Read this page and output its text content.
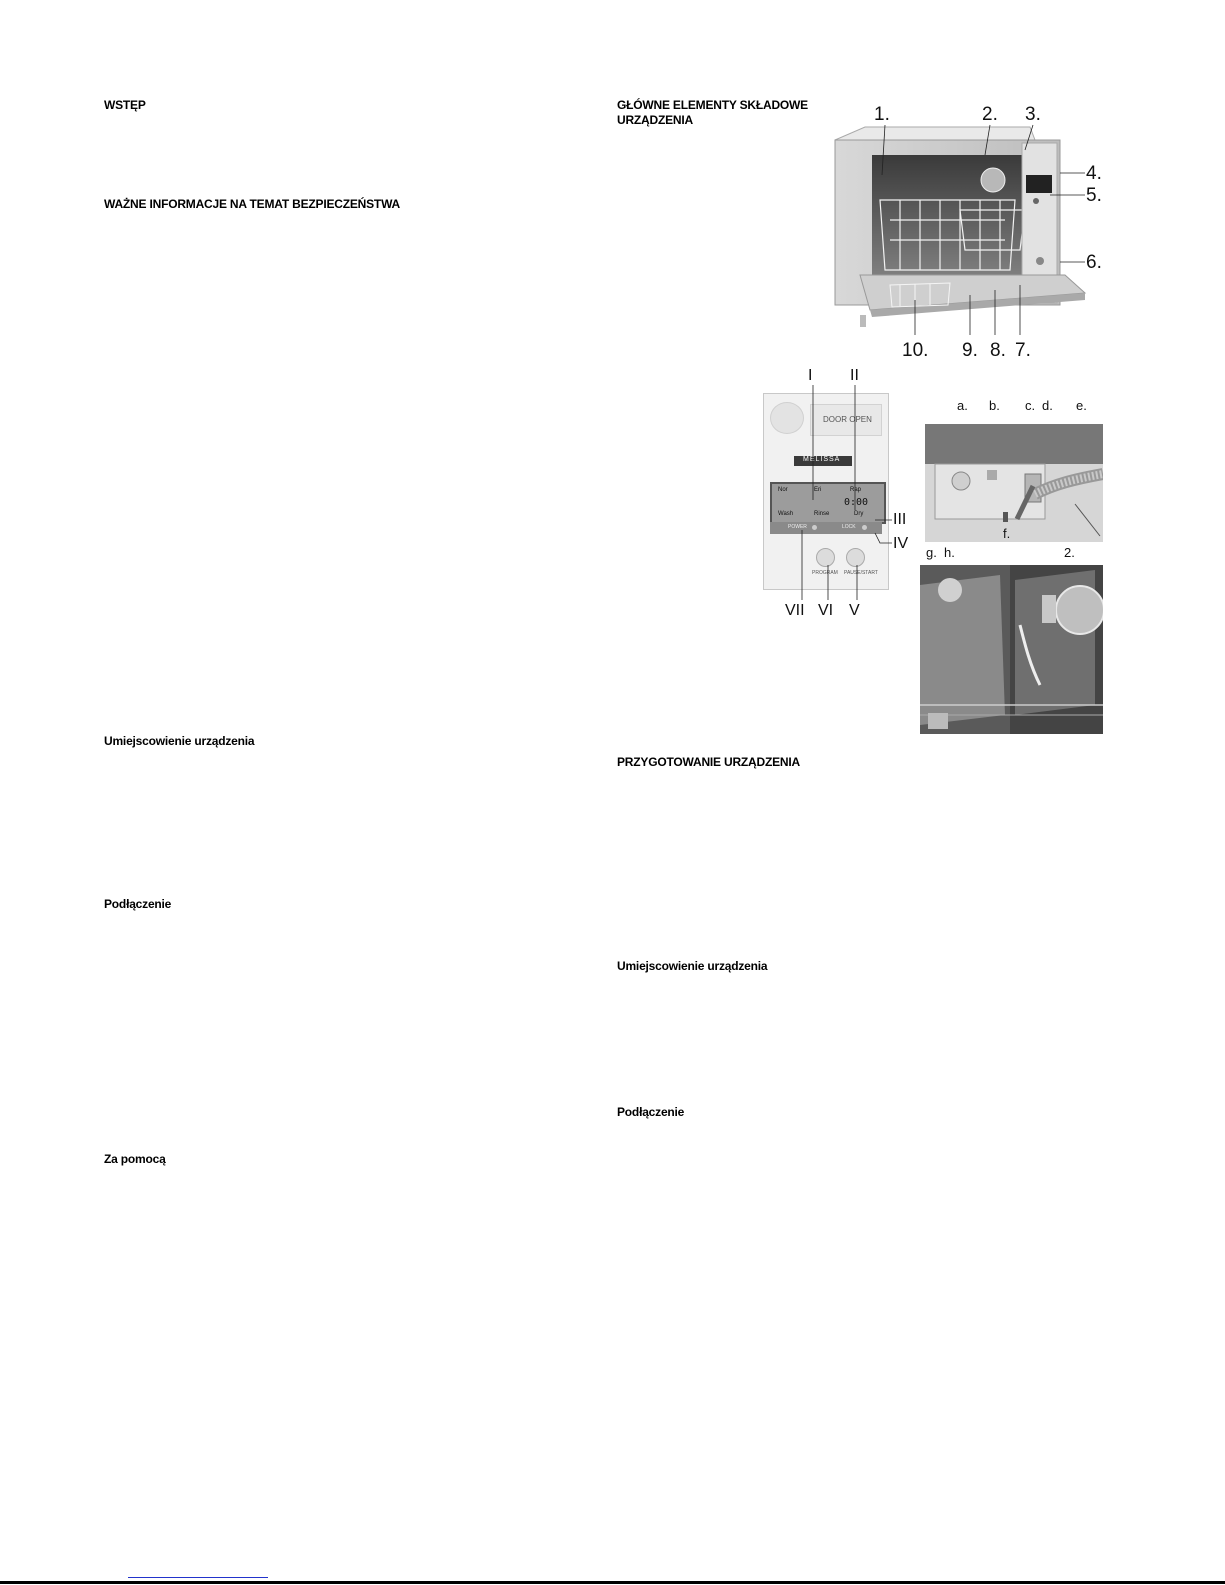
WSTĘP
WAŻNE INFORMACJE NA TEMAT BEZPIECZEŃSTWA
Umiejscowienie urządzenia
Podłączenie
Za pomocą
GŁÓWNE ELEMENTY SKŁADOWE
URZĄDZENIA
PRZYGOTOWANIE URZĄDZENIA
Umiejscowienie urządzenia
Podłączenie
1.	2. 3.
4.
5.
6.
10. 9. 8. 7.
DOOR OPEN
MELISSA
Nor	Eri	Rap
0:00
Wash	Rinse	Dry
POWER	LOCK
PROGRAM PAUSE/START
I II
III
IV
VII VI V
a. b. c. d. e.
f.
g. h.	2.
